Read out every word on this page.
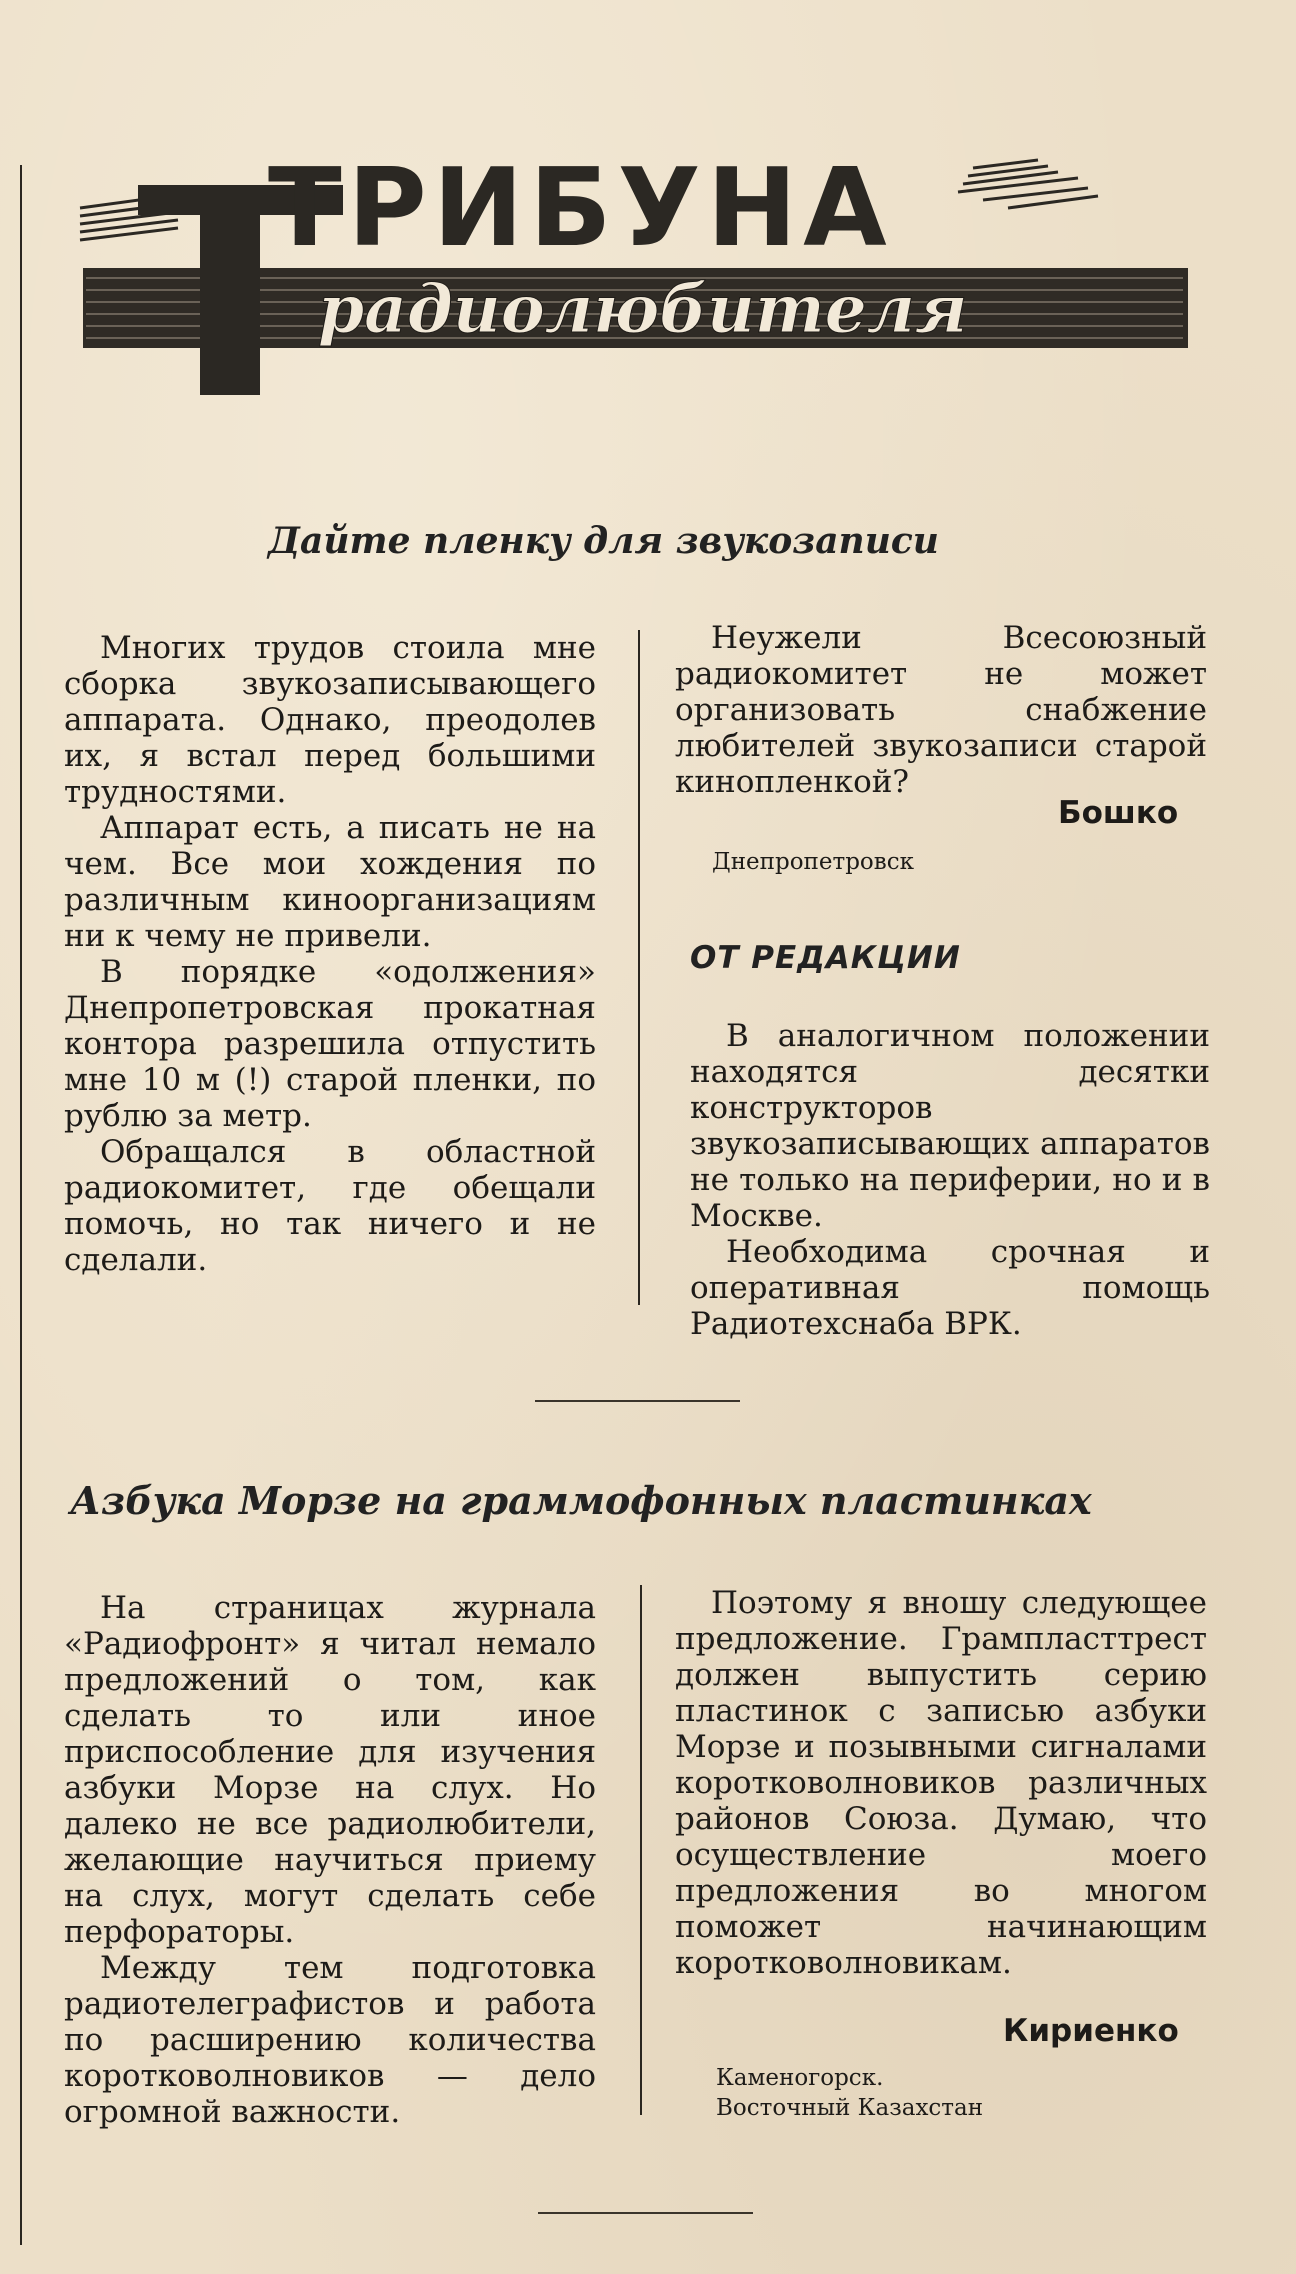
ТРИБУНА
радиолюбителя
Дайте пленку для звукозаписи

Многих трудов стоила мне сборка звукозаписывающего аппарата. Однако, преодолев их, я встал перед большими трудностями.

Аппарат есть, а писать не на чем. Все мои хождения по различным киноорганизациям ни к чему не привели.

В порядке «одолжения» Днепропетровская прокатная контора разрешила отпустить мне 10 м (!) старой пленки, по рублю за метр.

Обращался в областной радиокомитет, где обещали помочь, но так ничего и не сделали.

Неужели Всесоюзный радиокомитет не может организовать снабжение любителей звукозаписи старой кинопленкой?

Бошко
Днепропетровск
ОТ РЕДАКЦИИ

В аналогичном положении находятся десятки конструкторов звукозаписывающих аппаратов не только на периферии, но и в Москве.

Необходима срочная и оперативная помощь Радиотехснаба ВРК.

Азбука Морзе на граммофонных пластинках

На страницах журнала «Радиофронт» я читал немало предложений о том, как сделать то или иное приспособление для изучения азбуки Морзе на слух. Но далеко не все радиолюбители, желающие научиться приему на слух, могут сделать себе перфораторы.

Между тем подготовка радиотелеграфистов и работа по расширению количества коротковолновиков — дело огромной важности.

Поэтому я вношу следующее предложение. Грампласттрест должен выпустить серию пластинок с записью азбуки Морзе и позывными сигналами коротковолновиков различных районов Союза. Думаю, что осуществление моего предложения во многом поможет начинающим коротковолновикам.

Кириенко
Каменогорск.
Восточный Казахстан
